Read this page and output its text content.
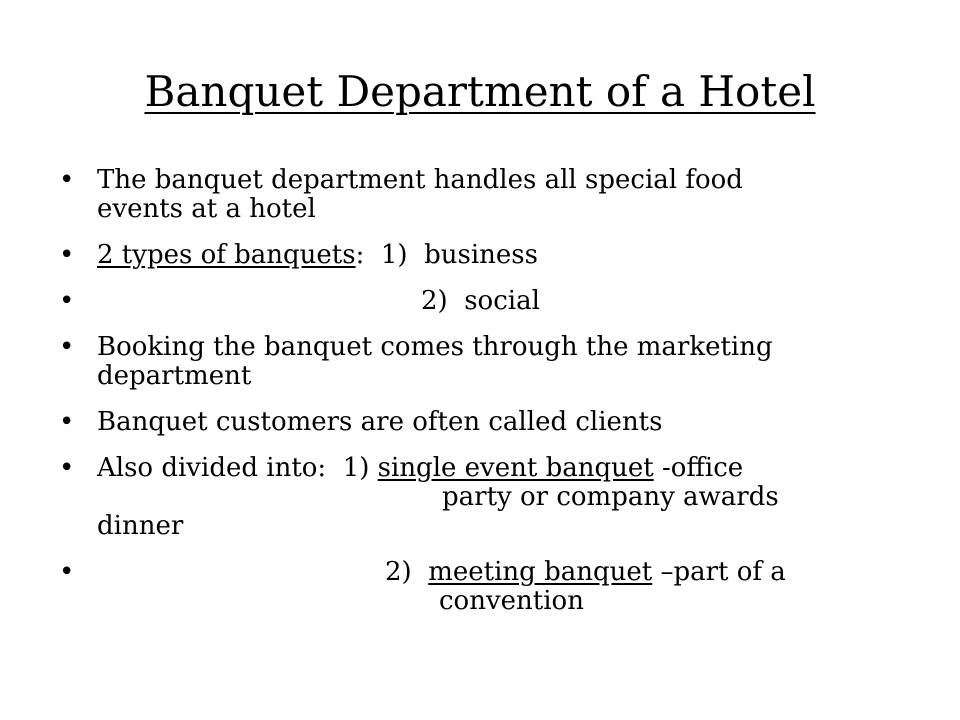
Banquet Department of a Hotel
• The banquet department handles all special food
events at a hotel
• 2 types of banquets:  1)  business
•	2)  social
• Booking the banquet comes through the marketing
department
• Banquet customers are often called clients
• Also divided into:  1) single event banquet -office
party or company awards
dinner
•	2)  meeting banquet –part of a
convention
